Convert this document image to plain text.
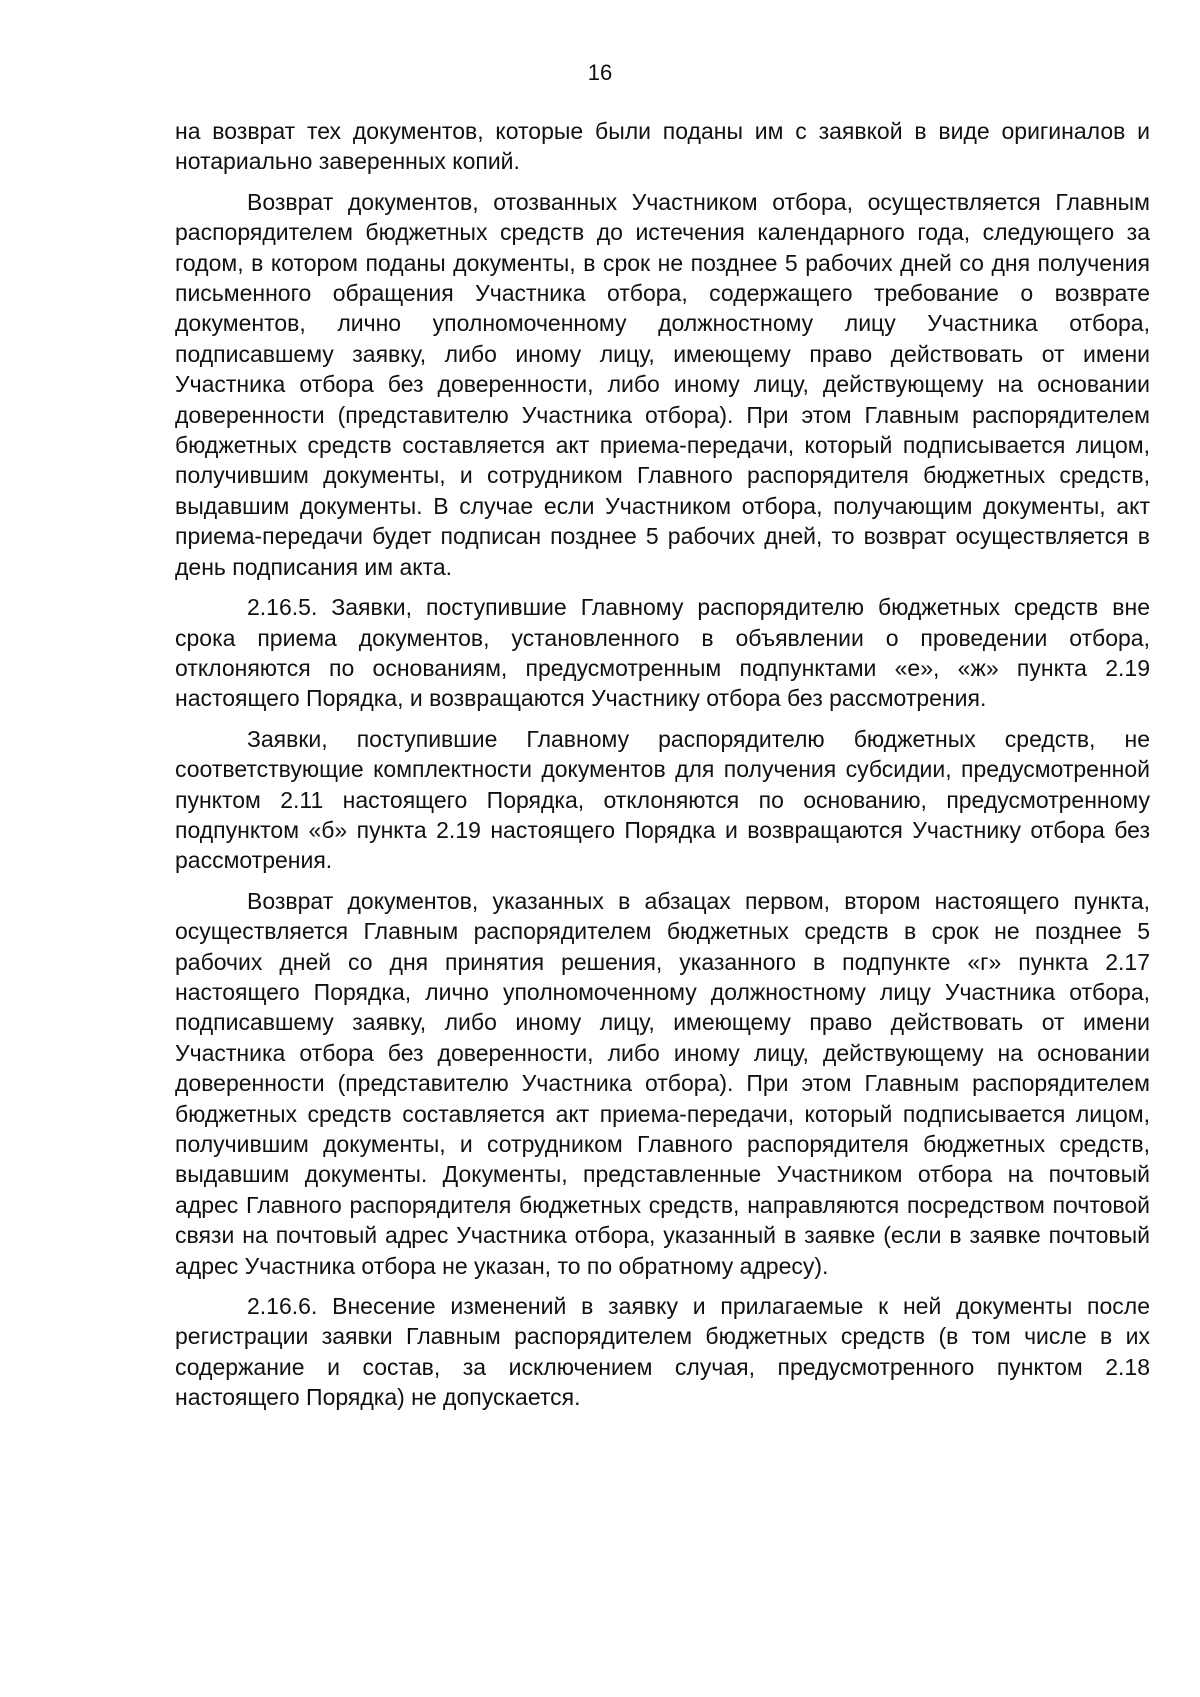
16

на возврат тех документов, которые были поданы им с заявкой в виде оригиналов и нотариально заверенных копий.

Возврат документов, отозванных Участником отбора, осуществляется Главным распорядителем бюджетных средств до истечения календарного года, следующего за годом, в котором поданы документы, в срок не позднее 5 рабочих дней со дня получения письменного обращения Участника отбора, содержащего требование о возврате документов, лично уполномоченному должностному лицу Участника отбора, подписавшему заявку, либо иному лицу, имеющему право действовать от имени Участника отбора без доверенности, либо иному лицу, действующему на основании доверенности (представителю Участника отбора). При этом Главным распорядителем бюджетных средств составляется акт приема-передачи, который подписывается лицом, получившим документы, и сотрудником Главного распорядителя бюджетных средств, выдавшим документы. В случае если Участником отбора, получающим документы, акт приема-передачи будет подписан позднее 5 рабочих дней, то возврат осуществляется в день подписания им акта.

2.16.5. Заявки, поступившие Главному распорядителю бюджетных средств вне срока приема документов, установленного в объявлении о проведении отбора, отклоняются по основаниям, предусмотренным подпунктами «е», «ж» пункта 2.19 настоящего Порядка, и возвращаются Участнику отбора без рассмотрения.

Заявки, поступившие Главному распорядителю бюджетных средств, не соответствующие комплектности документов для получения субсидии, предусмотренной пунктом 2.11 настоящего Порядка, отклоняются по основанию, предусмотренному подпунктом «б» пункта 2.19 настоящего Порядка и возвращаются Участнику отбора без рассмотрения.

Возврат документов, указанных в абзацах первом, втором настоящего пункта, осуществляется Главным распорядителем бюджетных средств в срок не позднее 5 рабочих дней со дня принятия решения, указанного в подпункте «г» пункта 2.17 настоящего Порядка, лично уполномоченному должностному лицу Участника отбора, подписавшему заявку, либо иному лицу, имеющему право действовать от имени Участника отбора без доверенности, либо иному лицу, действующему на основании доверенности (представителю Участника отбора). При этом Главным распорядителем бюджетных средств составляется акт приема-передачи, который подписывается лицом, получившим документы, и сотрудником Главного распорядителя бюджетных средств, выдавшим документы. Документы, представленные Участником отбора на почтовый адрес Главного распорядителя бюджетных средств, направляются посредством почтовой связи на почтовый адрес Участника отбора, указанный в заявке (если в заявке почтовый адрес Участника отбора не указан, то по обратному адресу).

2.16.6. Внесение изменений в заявку и прилагаемые к ней документы после регистрации заявки Главным распорядителем бюджетных средств (в том числе в их содержание и состав, за исключением случая, предусмотренного пунктом 2.18 настоящего Порядка) не допускается.
